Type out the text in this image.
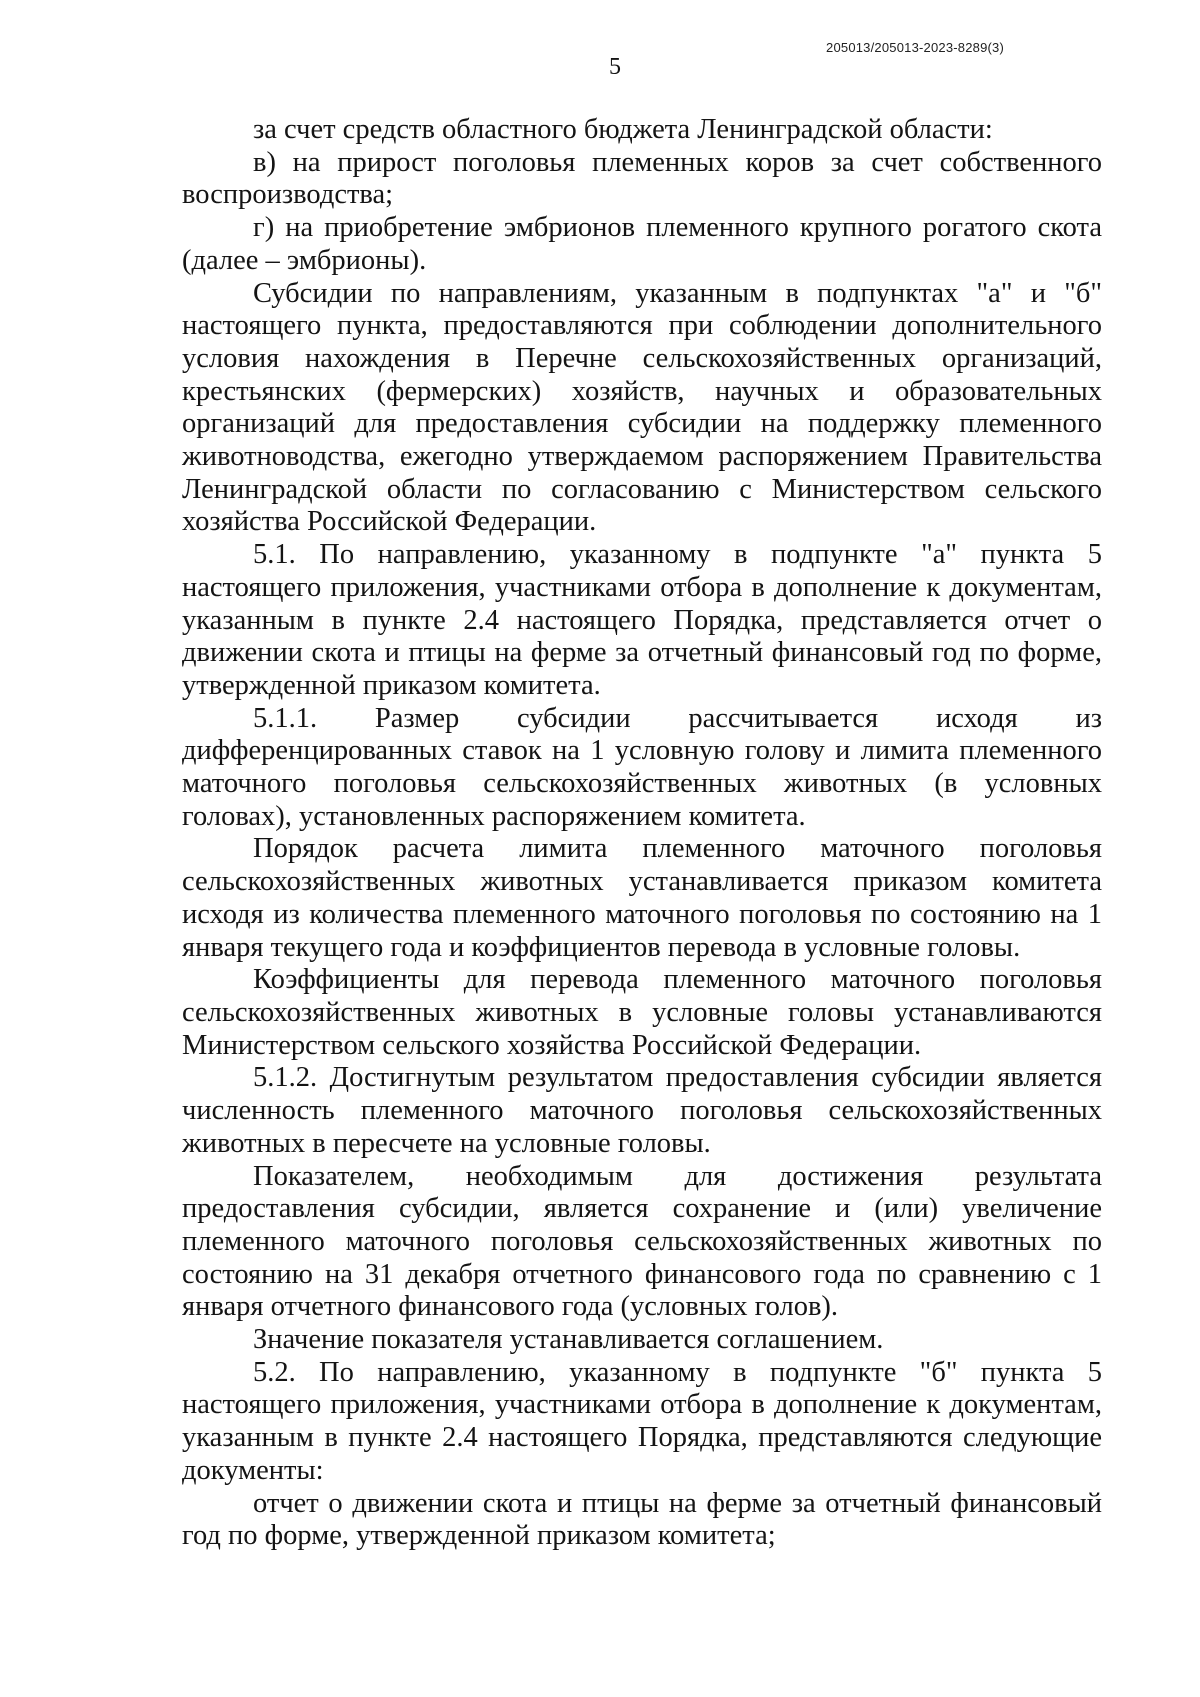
205013/205013-2023-8289(3)
5

за счет средств областного бюджета Ленинградской области:

в) на прирост поголовья племенных коров за счет собственного воспроизводства;

г) на приобретение эмбрионов племенного крупного рогатого скота (далее – эмбрионы).

Субсидии по направлениям, указанным в подпунктах "а" и "б" настоящего пункта, предоставляются при соблюдении дополнительного условия нахождения в Перечне сельскохозяйственных организаций, крестьянских (фермерских) хозяйств, научных и образовательных организаций для предоставления субсидии на поддержку племенного животноводства, ежегодно утверждаемом распоряжением Правительства Ленинградской области по согласованию с Министерством сельского хозяйства Российской Федерации.

5.1. По направлению, указанному в подпункте "а" пункта 5 настоящего приложения, участниками отбора в дополнение к документам, указанным в пункте 2.4 настоящего Порядка, представляется отчет о движении скота и птицы на ферме за отчетный финансовый год по форме, утвержденной приказом комитета.

5.1.1. Размер субсидии рассчитывается исходя из дифференцированных ставок на 1 условную голову и лимита племенного маточного поголовья сельскохозяйственных животных (в условных головах), установленных распоряжением комитета.

Порядок расчета лимита племенного маточного поголовья сельскохозяйственных животных устанавливается приказом комитета исходя из количества племенного маточного поголовья по состоянию на 1 января текущего года и коэффициентов перевода в условные головы.

Коэффициенты для перевода племенного маточного поголовья сельскохозяйственных животных в условные головы устанавливаются Министерством сельского хозяйства Российской Федерации.

5.1.2. Достигнутым результатом предоставления субсидии является численность племенного маточного поголовья сельскохозяйственных животных в пересчете на условные головы.

Показателем, необходимым для достижения результата предоставления субсидии, является сохранение и (или) увеличение племенного маточного поголовья сельскохозяйственных животных по состоянию на 31 декабря отчетного финансового года по сравнению с 1 января отчетного финансового года (условных голов).

Значение показателя устанавливается соглашением.

5.2. По направлению, указанному в подпункте "б" пункта 5 настоящего приложения, участниками отбора в дополнение к документам, указанным в пункте 2.4 настоящего Порядка, представляются следующие документы:

отчет о движении скота и птицы на ферме за отчетный финансовый год по форме, утвержденной приказом комитета;
